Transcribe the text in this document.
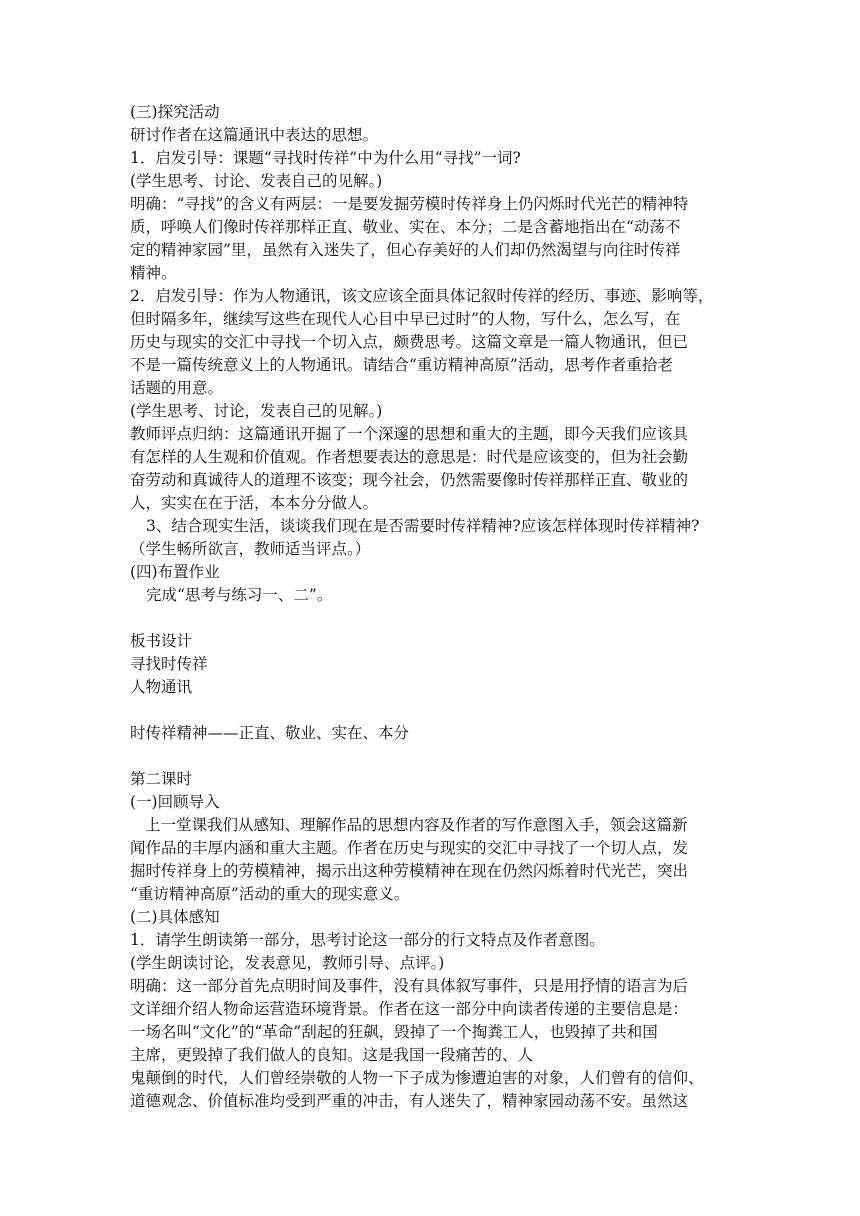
(三)探究活动

研讨作者在这篇通讯中表达的思想。

1．启发引导：课题“寻找时传祥”中为什么用“寻找”一词?

(学生思考、讨论、发表自己的见解。)

明确：“寻找”的含义有两层：一是要发掘劳模时传祥身上仍闪烁时代光芒的精神特

质，呼唤人们像时传祥那样正直、敬业、实在、本分；二是含蓄地指出在“动荡不

定的精神家园”里，虽然有入迷失了，但心存美好的人们却仍然渴望与向往时传祥

精神。

2．启发引导：作为人物通讯，该文应该全面具体记叙时传祥的经历、事迹、影响等，

但时隔多年，继续写这些在现代人心目中早已过时”的人物，写什么，怎么写，在

历史与现实的交汇中寻找一个切入点，颇费思考。这篇文章是一篇人物通讯，但已

不是一篇传统意义上的人物通讯。请结合“重访精神高原”活动，思考作者重拾老

话题的用意。

(学生思考、讨论，发表自己的见解。)

教师评点归纳：这篇通讯开掘了一个深邃的思想和重大的主题，即今天我们应该具

有怎样的人生观和价值观。作者想要表达的意思是：时代是应该变的，但为社会勤

奋劳动和真诚待人的道理不该变；现今社会，仍然需要像时传祥那样正直、敬业的

人，实实在在于活，本本分分做人。

3、结合现实生活，谈谈我们现在是否需要时传祥精神?应该怎样体现时传祥精神?

（学生畅所欲言，教师适当评点。）

(四)布置作业

完成“思考与练习一、二”。

板书设计

寻找时传祥

人物通讯

时传祥精神——正直、敬业、实在、本分

第二课时

(一)回顾导入

上一堂课我们从感知、理解作品的思想内容及作者的写作意图入手，领会这篇新

闻作品的丰厚内涵和重大主题。作者在历史与现实的交汇中寻找了一个切人点，发

掘时传祥身上的劳模精神，揭示出这种劳模精神在现在仍然闪烁着时代光芒，突出

“重访精神高原”活动的重大的现实意义。

(二)具体感知

1．请学生朗读第一部分，思考讨论这一部分的行文特点及作者意图。

(学生朗读讨论，发表意见，教师引导、点评。)

明确：这一部分首先点明时间及事件，没有具体叙写事件，只是用抒情的语言为后

文详细介绍人物命运营造环境背景。作者在这一部分中向读者传递的主要信息是：

一场名叫“文化”的“革命”刮起的狂飙，毁掉了一个掏粪工人，也毁掉了共和国

主席，更毁掉了我们做人的良知。这是我国一段痛苦的、人

鬼颠倒的时代，人们曾经崇敬的人物一下子成为惨遭迫害的对象，人们曾有的信仰、

道德观念、价值标准均受到严重的冲击，有人迷失了，精神家园动荡不安。虽然这
